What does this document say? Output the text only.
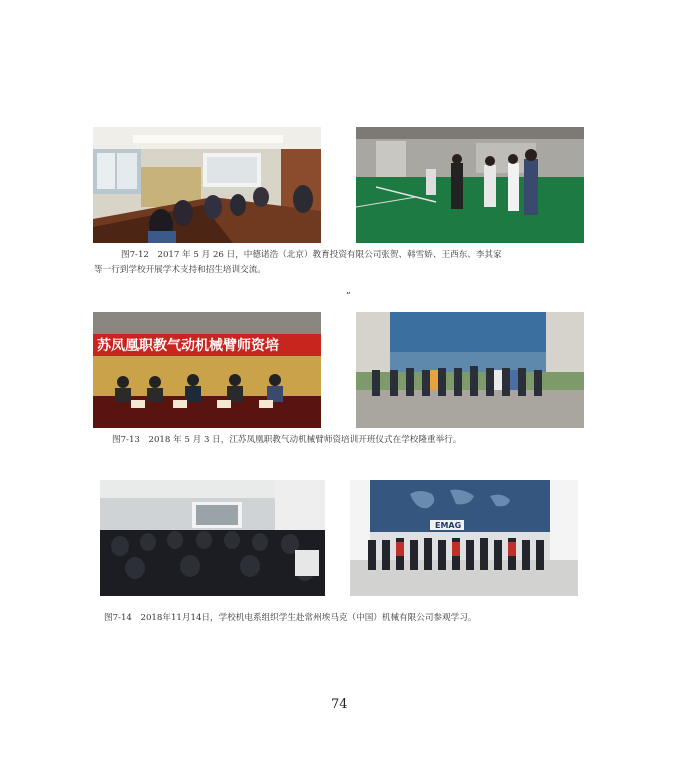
图7-12　2017 年 5 月 26 日，中德诺浩（北京）教育投资有限公司张贺、韩雪娇、王西东、李其家

等一行到学校开展学术支持和招生培训交流。

”
苏凤凰职教气动机械臂师资培

图7-13　2018 年 5 月 3 日，江苏凤凰职教气动机械臂师资培训开班仪式在学校隆重举行。

EMAG

图7-14　2018年11月14日，学校机电系组织学生赴常州埃马克（中国）机械有限公司参观学习。

74
